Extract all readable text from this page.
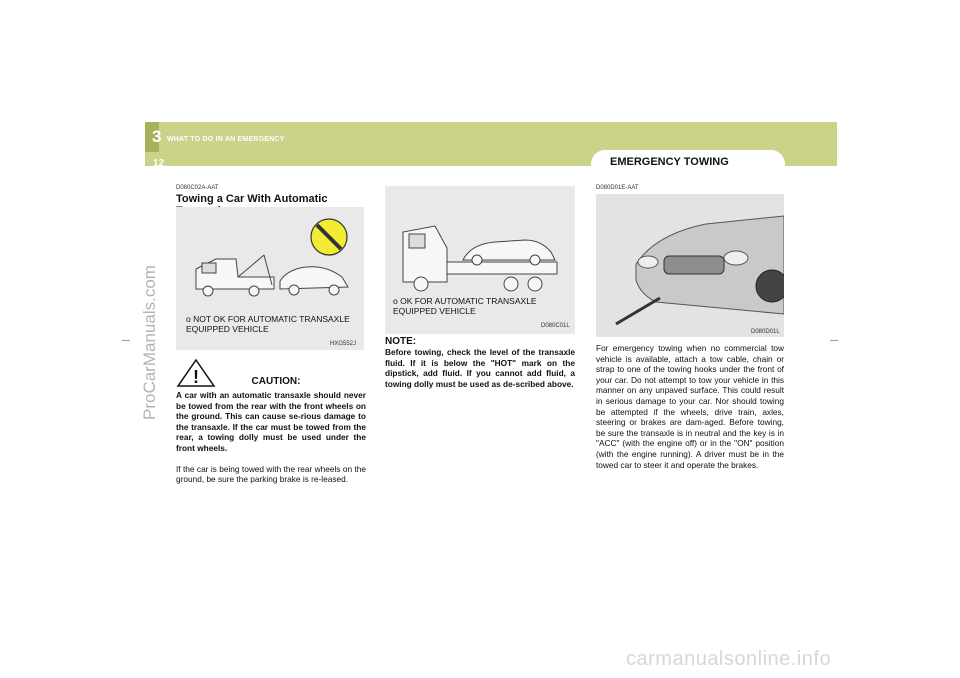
3 WHAT TO DO IN AN EMERGENCY
12	EMERGENCY TOWING
ProCarManuals.com
carmanualsonline.info
D080C02A-AAT
Towing a Car With Automatic
o NOT OK FOR AUTOMATIC TRANSAXLE EQUIPPED VEHICLE
HXG552J
!	CAUTION:
A car with an automatic transaxle should never be towed from the rear with the front wheels on the ground. This can cause se-rious damage to the transaxle. If the car must be towed from the rear, a towing dolly must be used under the front wheels.
If the car is being towed with the rear wheels on the ground, be sure the parking brake is re-leased.
o OK FOR AUTOMATIC TRANSAXLE EQUIPPED VEHICLE
D080C01L
NOTE:
Before towing, check the level of the transaxle fluid. If it is below the "HOT" mark on the dipstick, add fluid. If you cannot add fluid, a towing dolly must be used as de-scribed above.
D080D01E-AAT
D080D01L
For emergency towing when no commercial tow vehicle is available, attach a tow cable, chain or strap to one of the towing hooks under the front of your car. Do not attempt to tow your vehicle in this manner on any unpaved surface. This could result in serious damage to your car. Nor should towing be attempted if the wheels, drive train, axles, steering or brakes are dam-aged. Before towing, be sure the transaxle is in neutral and the key is in "ACC" (with the engine off) or in the "ON" position (with the engine running). A driver must be in the towed car to steer it and operate the brakes.
